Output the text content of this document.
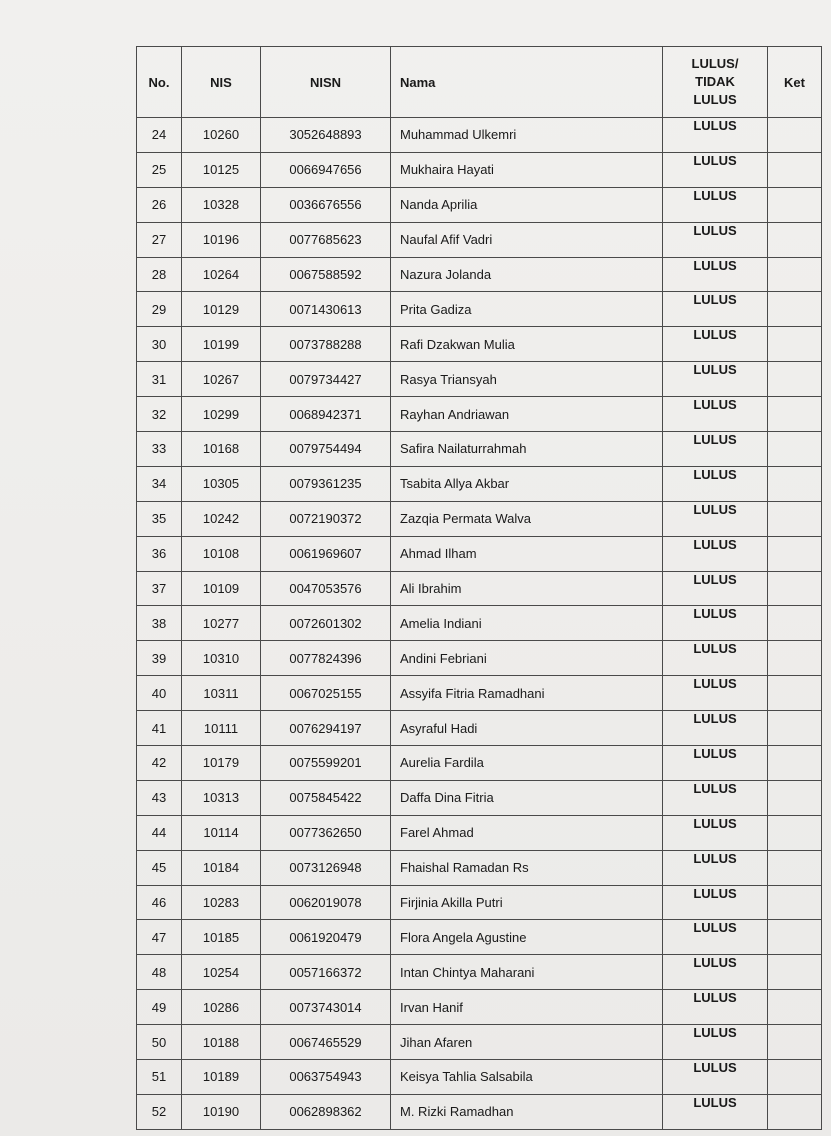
No.	NIS	NISN	Nama	LULUS/
TIDAK
LULUS	Ket
24	10260	3052648893	Muhammad Ulkemri	LULUS	
25	10125	0066947656	Mukhaira Hayati	LULUS	
26	10328	0036676556	Nanda Aprilia	LULUS	
27	10196	0077685623	Naufal Afif Vadri	LULUS	
28	10264	0067588592	Nazura Jolanda	LULUS	
29	10129	0071430613	Prita Gadiza	LULUS	
30	10199	0073788288	Rafi Dzakwan Mulia	LULUS	
31	10267	0079734427	Rasya Triansyah	LULUS	
32	10299	0068942371	Rayhan Andriawan	LULUS	
33	10168	0079754494	Safira Nailaturrahmah	LULUS	
34	10305	0079361235	Tsabita Allya Akbar	LULUS	
35	10242	0072190372	Zazqia Permata Walva	LULUS	
36	10108	0061969607	Ahmad Ilham	LULUS	
37	10109	0047053576	Ali Ibrahim	LULUS	
38	10277	0072601302	Amelia Indiani	LULUS	
39	10310	0077824396	Andini Febriani	LULUS	
40	10311	0067025155	Assyifa Fitria Ramadhani	LULUS	
41	10111	0076294197	Asyraful Hadi	LULUS	
42	10179	0075599201	Aurelia Fardila	LULUS	
43	10313	0075845422	Daffa Dina Fitria	LULUS	
44	10114	0077362650	Farel Ahmad	LULUS	
45	10184	0073126948	Fhaishal Ramadan Rs	LULUS	
46	10283	0062019078	Firjinia Akilla Putri	LULUS	
47	10185	0061920479	Flora Angela Agustine	LULUS	
48	10254	0057166372	Intan Chintya Maharani	LULUS	
49	10286	0073743014	Irvan Hanif	LULUS	
50	10188	0067465529	Jihan Afaren	LULUS	
51	10189	0063754943	Keisya Tahlia Salsabila	LULUS	
52	10190	0062898362	M. Rizki Ramadhan	LULUS	
